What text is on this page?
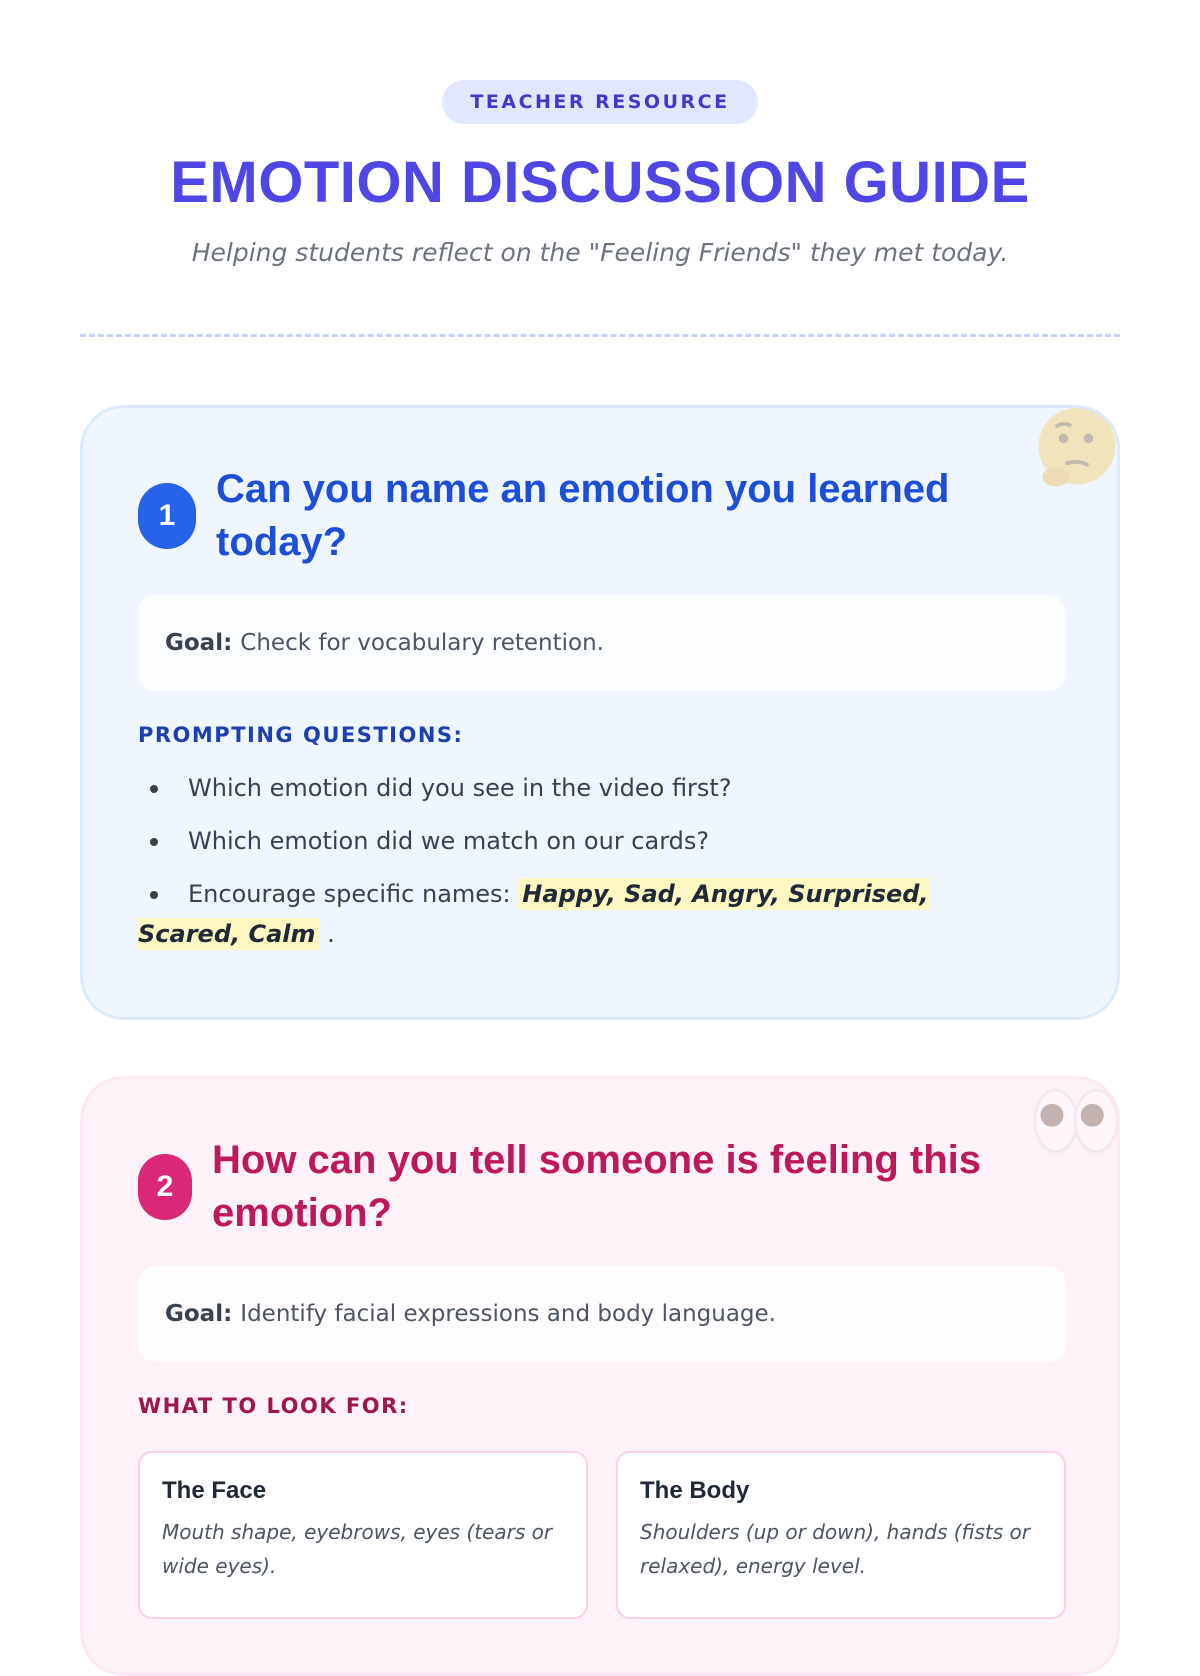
TEACHER RESOURCE
EMOTION DISCUSSION GUIDE
Helping students reflect on the "Feeling Friends" they met today.
1
Can you name an emotion you learned today?
Goal: Check for vocabulary retention.
PROMPTING QUESTIONS:
Which emotion did you see in the video first?
Which emotion did we match on our cards?
Encourage specific names: Happy, Sad, Angry, Surprised, Scared, Calm .
2
How can you tell someone is feeling this emotion?
Goal: Identify facial expressions and body language.
WHAT TO LOOK FOR:
The Face
Mouth shape, eyebrows, eyes (tears or wide eyes).
The Body
Shoulders (up or down), hands (fists or relaxed), energy level.
